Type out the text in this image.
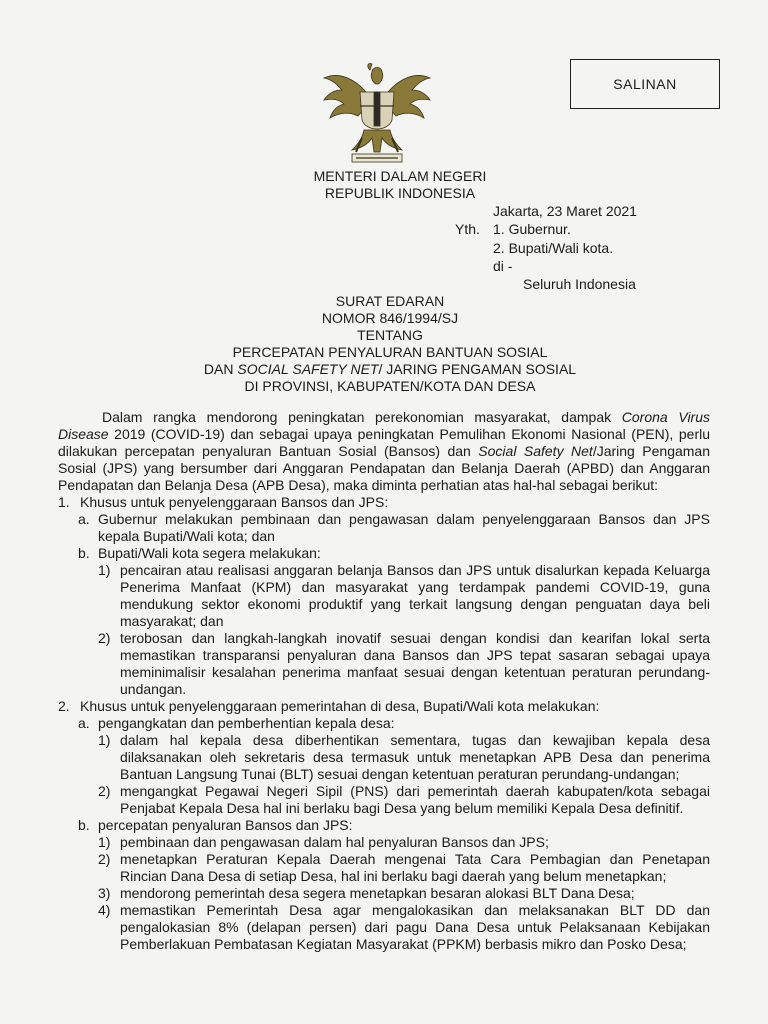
SALINAN
MENTERI DALAM NEGERI
REPUBLIK INDONESIA
Jakarta, 23 Maret 2021
Yth. 1. Gubernur.
2. Bupati/Wali kota.
di -
Seluruh Indonesia
SURAT EDARAN
NOMOR 846/1994/SJ
TENTANG
PERCEPATAN PENYALURAN BANTUAN SOSIAL
DAN SOCIAL SAFETY NET/ JARING PENGAMAN SOSIAL
DI PROVINSI, KABUPATEN/KOTA DAN DESA

Dalam rangka mendorong peningkatan perekonomian masyarakat, dampak Corona Virus Disease 2019 (COVID-19) dan sebagai upaya peningkatan Pemulihan Ekonomi Nasional (PEN), perlu dilakukan percepatan penyaluran Bantuan Sosial (Bansos) dan Social Safety Net/Jaring Pengaman Sosial (JPS) yang bersumber dari Anggaran Pendapatan dan Belanja Daerah (APBD) dan Anggaran Pendapatan dan Belanja Desa (APB Desa), maka diminta perhatian atas hal-hal sebagai berikut:

1. Khusus untuk penyelenggaraan Bansos dan JPS:
a. Gubernur melakukan pembinaan dan pengawasan dalam penyelenggaraan Bansos dan JPS kepala Bupati/Wali kota; dan
b. Bupati/Wali kota segera melakukan:
1) pencairan atau realisasi anggaran belanja Bansos dan JPS untuk disalurkan kepada Keluarga Penerima Manfaat (KPM) dan masyarakat yang terdampak pandemi COVID-19, guna mendukung sektor ekonomi produktif yang terkait langsung dengan penguatan daya beli masyarakat; dan
2) terobosan dan langkah-langkah inovatif sesuai dengan kondisi dan kearifan lokal serta memastikan transparansi penyaluran dana Bansos dan JPS tepat sasaran sebagai upaya meminimalisir kesalahan penerima manfaat sesuai dengan ketentuan peraturan perundang-undangan.
2. Khusus untuk penyelenggaraan pemerintahan di desa, Bupati/Wali kota melakukan:
a. pengangkatan dan pemberhentian kepala desa:
1) dalam hal kepala desa diberhentikan sementara, tugas dan kewajiban kepala desa dilaksanakan oleh sekretaris desa termasuk untuk menetapkan APB Desa dan penerima Bantuan Langsung Tunai (BLT) sesuai dengan ketentuan peraturan perundang-undangan;
2) mengangkat Pegawai Negeri Sipil (PNS) dari pemerintah daerah kabupaten/kota sebagai Penjabat Kepala Desa hal ini berlaku bagi Desa yang belum memiliki Kepala Desa definitif.
b. percepatan penyaluran Bansos dan JPS:
1) pembinaan dan pengawasan dalam hal penyaluran Bansos dan JPS;
2) menetapkan Peraturan Kepala Daerah mengenai Tata Cara Pembagian dan Penetapan Rincian Dana Desa di setiap Desa, hal ini berlaku bagi daerah yang belum menetapkan;
3) mendorong pemerintah desa segera menetapkan besaran alokasi BLT Dana Desa;
4) memastikan Pemerintah Desa agar mengalokasikan dan melaksanakan BLT DD dan pengalokasian 8% (delapan persen) dari pagu Dana Desa untuk Pelaksanaan Kebijakan Pemberlakuan Pembatasan Kegiatan Masyarakat (PPKM) berbasis mikro dan Posko Desa;
